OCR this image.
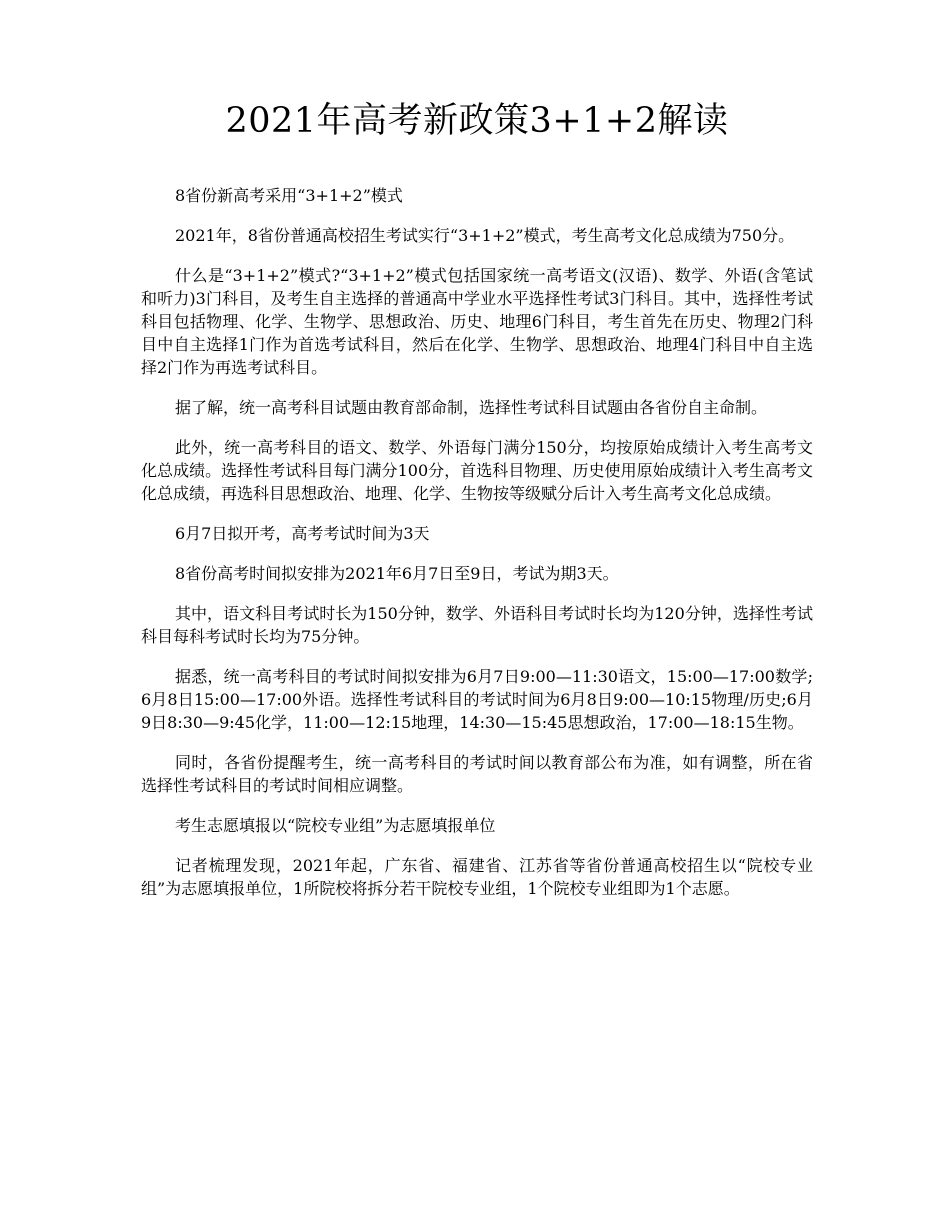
2021年高考新政策3+1+2解读

8省份新高考采用“3+1+2”模式

2021年，8省份普通高校招生考试实行“3+1+2”模式，考生高考文化总成绩为750分。

什么是“3+1+2”模式?“3+1+2”模式包括国家统一高考语文(汉语)、数学、外语(含笔试和听力)3门科目，及考生自主选择的普通高中学业水平选择性考试3门科目。其中，选择性考试科目包括物理、化学、生物学、思想政治、历史、地理6门科目，考生首先在历史、物理2门科目中自主选择1门作为首选考试科目，然后在化学、生物学、思想政治、地理4门科目中自主选择2门作为再选考试科目。

据了解，统一高考科目试题由教育部命制，选择性考试科目试题由各省份自主命制。

此外，统一高考科目的语文、数学、外语每门满分150分，均按原始成绩计入考生高考文化总成绩。选择性考试科目每门满分100分，首选科目物理、历史使用原始成绩计入考生高考文化总成绩，再选科目思想政治、地理、化学、生物按等级赋分后计入考生高考文化总成绩。

6月7日拟开考，高考考试时间为3天

8省份高考时间拟安排为2021年6月7日至9日，考试为期3天。

其中，语文科目考试时长为150分钟，数学、外语科目考试时长均为120分钟，选择性考试科目每科考试时长均为75分钟。

据悉，统一高考科目的考试时间拟安排为6月7日9:00—11:30语文，15:00—17:00数学;6月8日15:00—17:00外语。选择性考试科目的考试时间为6月8日9:00—10:15物理/历史;6月9日8:30—9:45化学，11:00—12:15地理，14:30—15:45思想政治，17:00—18:15生物。

同时，各省份提醒考生，统一高考科目的考试时间以教育部公布为准，如有调整，所在省选择性考试科目的考试时间相应调整。

考生志愿填报以“院校专业组”为志愿填报单位

记者梳理发现，2021年起，广东省、福建省、江苏省等省份普通高校招生以“院校专业组”为志愿填报单位，1所院校将拆分若干院校专业组，1个院校专业组即为1个志愿。
